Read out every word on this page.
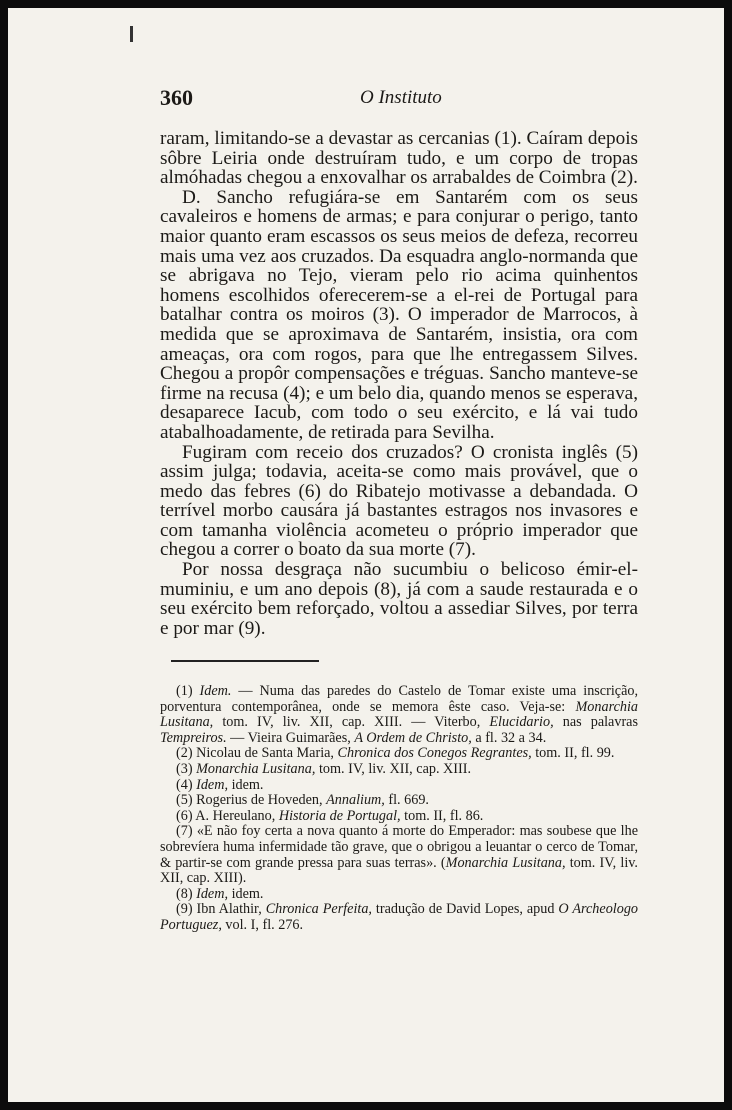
360	O Instituto

raram, limitando-se a devastar as cercanias (1). Caíram depois sôbre Leiria onde destruíram tudo, e um corpo de tropas almóhadas chegou a enxovalhar os arrabaldes de Coimbra (2).

D. Sancho refugiára-se em Santarém com os seus cavaleiros e homens de armas; e para conjurar o perigo, tanto maior quanto eram escassos os seus meios de defeza, recorreu mais uma vez aos cruzados. Da esquadra anglo-normanda que se abrigava no Tejo, vieram pelo rio acima quinhentos homens escolhidos oferecerem-se a el-rei de Portugal para batalhar contra os moiros (3). O imperador de Marrocos, à medida que se aproximava de Santarém, insistia, ora com ameaças, ora com rogos, para que lhe entregassem Silves. Chegou a propôr compensações e tréguas. Sancho manteve-se firme na recusa (4); e um belo dia, quando menos se esperava, desaparece Iacub, com todo o seu exército, e lá vai tudo atabalhoadamente, de retirada para Sevilha.

Fugiram com receio dos cruzados? O cronista inglês (5) assim julga; todavia, aceita-se como mais provável, que o medo das febres (6) do Ribatejo motivasse a debandada. O terrível morbo causára já bastantes estragos nos invasores e com tamanha violência acometeu o próprio imperador que chegou a correr o boato da sua morte (7).

Por nossa desgraça não sucumbiu o belicoso émir-el-muminiu, e um ano depois (8), já com a saude restaurada e o seu exército bem reforçado, voltou a assediar Silves, por terra e por mar (9).

(1) Idem. — Numa das paredes do Castelo de Tomar existe uma inscrição, porventura contemporânea, onde se memora êste caso. Veja-se: Monarchia Lusitana, tom. IV, liv. XII, cap. XIII. — Viterbo, Elucidario, nas palavras Tempreiros. — Vieira Guimarães, A Ordem de Christo, a fl. 32 a 34.

(2) Nicolau de Santa Maria, Chronica dos Conegos Regrantes, tom. II, fl. 99.

(3) Monarchia Lusitana, tom. IV, liv. XII, cap. XIII.

(4) Idem, idem.

(5) Rogerius de Hoveden, Annalium, fl. 669.

(6) A. Hereulano, Historia de Portugal, tom. II, fl. 86.

(7) «E não foy certa a nova quanto á morte do Emperador: mas soubese que lhe sobrevíera huma infermidade tão grave, que o obrigou a leuantar o cerco de Tomar, & partir-se com grande pressa para suas terras». (Monarchia Lusitana, tom. IV, liv. XII, cap. XIII).

(8) Idem, idem.

(9) Ibn Alathir, Chronica Perfeita, tradução de David Lopes, apud O Archeologo Portuguez, vol. I, fl. 276.
